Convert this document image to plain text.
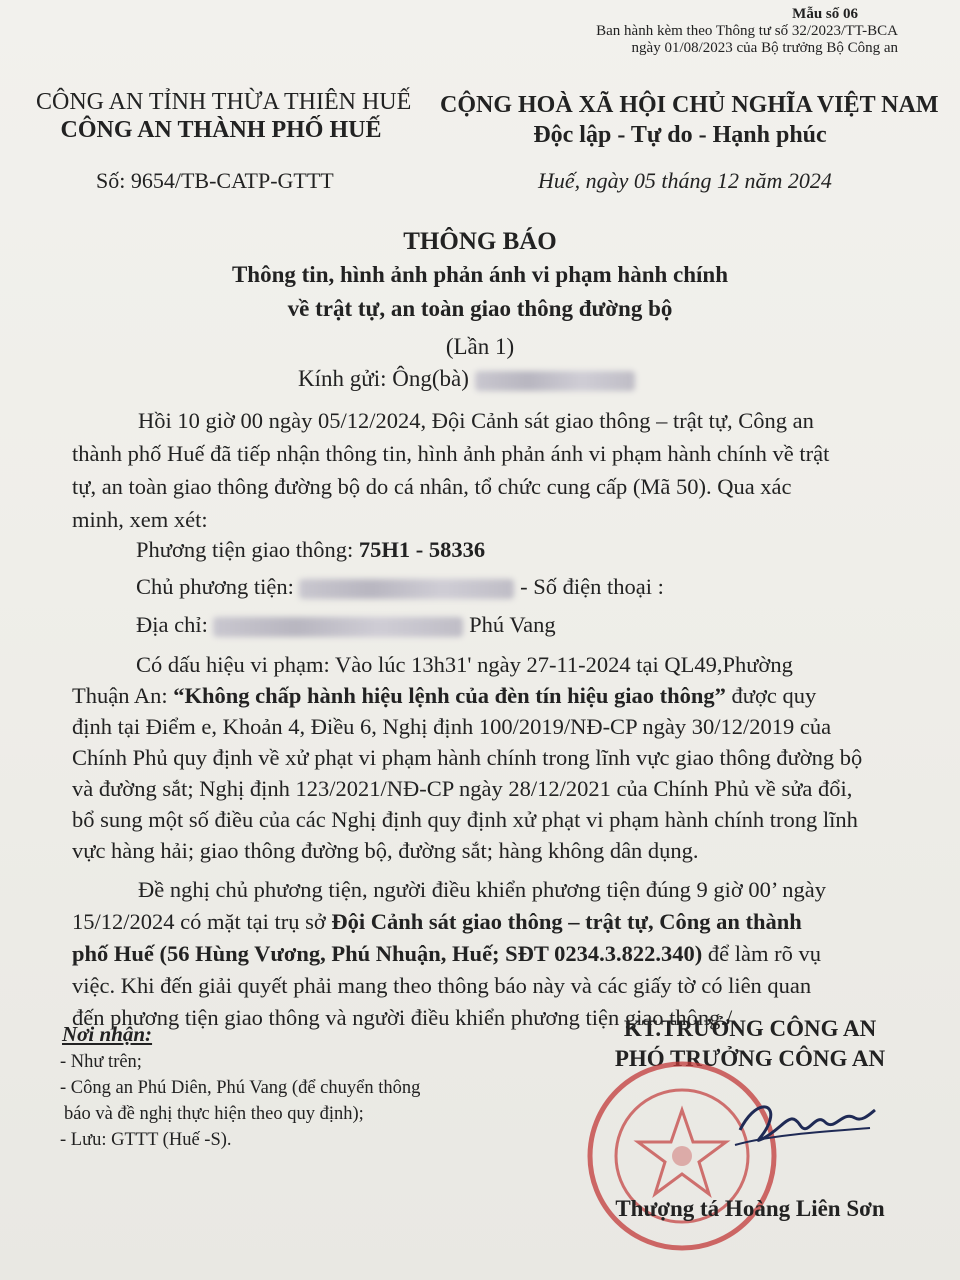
Mẫu số 06
Ban hành kèm theo Thông tư số 32/2023/TT-BCA
ngày 01/08/2023 của Bộ trưởng Bộ Công an
CÔNG AN TỈNH THỪA THIÊN HUẾ
CÔNG AN THÀNH PHỐ HUẾ
CỘNG HOÀ XÃ HỘI CHỦ NGHĨA VIỆT NAM
Độc lập - Tự do - Hạnh phúc
Số: 9654/TB-CATP-GTTT	Huế, ngày 05 tháng 12 năm 2024
THÔNG BÁO
Thông tin, hình ảnh phản ánh vi phạm hành chính
về trật tự, an toàn giao thông đường bộ
(Lần 1)
Kính gửi: Ông(bà)
Hồi 10 giờ 00 ngày 05/12/2024, Đội Cảnh sát giao thông – trật tự, Công an
thành phố Huế đã tiếp nhận thông tin, hình ảnh phản ánh vi phạm hành chính về trật
tự, an toàn giao thông đường bộ do cá nhân, tổ chức cung cấp (Mã 50). Qua xác
minh, xem xét:
Phương tiện giao thông: 75H1 - 58336
Chủ phương tiện:	- Số điện thoại :
Địa chỉ:	Phú Vang
Có dấu hiệu vi phạm: Vào lúc 13h31' ngày 27-11-2024 tại QL49,Phường
Thuận An: “Không chấp hành hiệu lệnh của đèn tín hiệu giao thông” được quy
định tại Điểm e, Khoản 4, Điều 6, Nghị định 100/2019/NĐ-CP ngày 30/12/2019 của
Chính Phủ quy định về xử phạt vi phạm hành chính trong lĩnh vực giao thông đường bộ
và đường sắt; Nghị định 123/2021/NĐ-CP ngày 28/12/2021 của Chính Phủ về sửa đổi,
bổ sung một số điều của các Nghị định quy định xử phạt vi phạm hành chính trong lĩnh
vực hàng hải; giao thông đường bộ, đường sắt; hàng không dân dụng.
Đề nghị chủ phương tiện, người điều khiển phương tiện đúng 9 giờ 00’ ngày
15/12/2024 có mặt tại trụ sở Đội Cảnh sát giao thông – trật tự, Công an thành
phố Huế (56 Hùng Vương, Phú Nhuận, Huế; SĐT 0234.3.822.340) để làm rõ vụ
việc. Khi đến giải quyết phải mang theo thông báo này và các giấy tờ có liên quan
đến phương tiện giao thông và người điều khiển phương tiện giao thông./.
Nơi nhận:
- Như trên;
- Công an Phú Diên, Phú Vang (để chuyển thông
báo và đề nghị thực hiện theo quy định);
- Lưu: GTTT (Huế -S).
KT.TRƯỞNG CÔNG AN
PHÓ TRƯỞNG CÔNG AN
Thượng tá Hoàng Liên Sơn
